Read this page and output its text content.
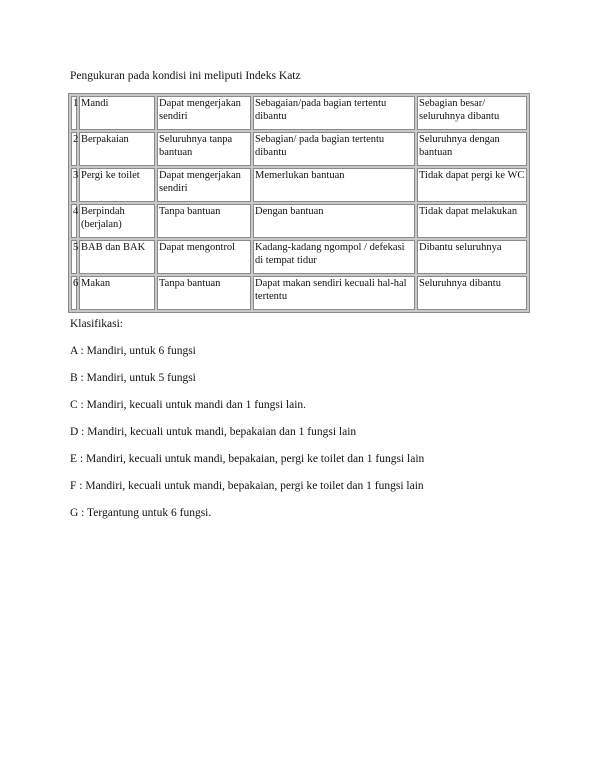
Pengukuran pada kondisi ini meliputi Indeks Katz
1	Mandi	Dapat mengerjakan sendiri	Sebagaian/pada bagian tertentu dibantu	Sebagian besar/ seluruhnya dibantu
2	Berpakaian	Seluruhnya tanpa bantuan	Sebagian/ pada bagian tertentu dibantu	Seluruhnya dengan bantuan
3	Pergi ke toilet	Dapat mengerjakan sendiri	Memerlukan bantuan	Tidak dapat pergi ke WC
4	Berpindah (berjalan)	Tanpa bantuan	Dengan bantuan	Tidak dapat melakukan
5	BAB dan BAK	Dapat mengontrol	Kadang-kadang ngompol / defekasi di tempat tidur	Dibantu seluruhnya
6	Makan	Tanpa bantuan	Dapat makan sendiri kecuali hal-hal tertentu	Seluruhnya dibantu
Klasifikasi:
A : Mandiri, untuk 6 fungsi
B : Mandiri, untuk 5 fungsi
C : Mandiri, kecuali untuk mandi dan 1 fungsi lain.
D : Mandiri, kecuali untuk mandi, bepakaian dan 1 fungsi lain
E : Mandiri, kecuali untuk mandi, bepakaian, pergi ke toilet dan 1 fungsi lain
F : Mandiri, kecuali untuk mandi, bepakaian, pergi ke toilet dan 1 fungsi lain
G : Tergantung untuk 6 fungsi.
